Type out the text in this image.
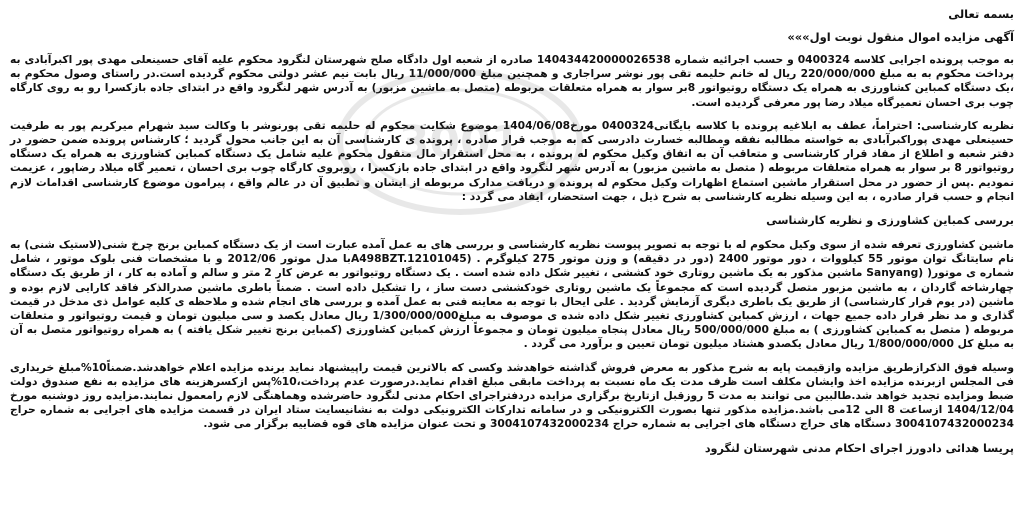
3001

بسمه تعالی

آگهی مزایده اموال منقول نوبت اول»»»

به موجب پرونده اجرایی کلاسه 0400324 و حسب اجرائیه شماره 140434420000026538 صادره از شعبه اول دادگاه صلح شهرستان لنگرود محکوم علیه آقای حسینعلی مهدی پور اکبرآبادی به پرداخت محکوم به به مبلغ 220/000/000 ریال له خانم حلیمه تقی پور نوشر سراجاری و همچنین مبلغ 11/000/000 ریال بابت نیم عشر دولتی محکوم گردیده است.در راستای وصول محکوم به ،یک دستگاه کمباین کشاورزی به همراه یک دستگاه روتیواتور 8بر سوار به همراه متعلقات مربوطه (متصل به ماشین مزبور) به آدرس شهر لنگرود واقع در ابتدای جاده بازکسرا رو به روی کارگاه چوب بری احسان تعمیرگاه میلاد رضا پور معرفی گردیده است.

نظریه کارشناسی: احتراماً، عطف به ابلاغیه پرونده با کلاسه بایگانی0400324 مورخ1404/06/08 موضوع شکایت محکوم له حلیمه تقی پورنوشر با وکالت سید شهرام میرکریم پور به طرفیت حسینعلی مهدی پوراکبرآبادی به خواسته مطالبه نفقه ومطالبه خسارت دادرسی که به موجب قرار صادره ، پرونده ی کارشناسی آن به این جانب محول گردید ؛ کارشناس پرونده ضمن حضور در دفتر شعبه و اطلاع از مفاد قرار کارشناسی و متعاقب آن به اتفاق وکیل محکوم له پرونده ، به محل استقرار مال منقول محکوم علیه شامل یک دستگاه کمباین کشاورزی به همراه یک دستگاه روتیواتور 8 بر سوار به همراه متعلقات مربوطه ( متصل به ماشین مزبور) به آدرس شهر لنگرود واقع در ابتدای جاده بازکسرا ، روبروی کارگاه چوب بری احسان ، تعمیر گاه میلاد رضاپور ، عزیمت نمودیم .پس از حضور در محل استقرار ماشین استماع اظهارات وکیل محکوم له پرونده و دریافت مدارک مربوطه از ایشان و تطبیق آن در عالم واقع ، پیرامون موضوع کارشناسی اقدامات لازم انجام و حسب قرار صادره ، به این وسیله نظریه کارشناسی به شرح ذیل ، جهت استحضار، ایفاد می گردد :

بررسی کمباین کشاورزی و نظریه کارشناسی

ماشین کشاورزی تعرفه شده از سوی وکیل محکوم له با توجه به تصویر پیوست نظریه کارشناسی و بررسی های به عمل آمده عبارت است از یک دستگاه کمباین برنج چرخ شنی(لاستیک شنی) به نام سایتانگ توان موتور 55 کیلووات ، دور موتور 2400 (دور در دقیقه) و وزن موتور 275 کیلوگرم . (A498BZT.12101045با مدل موتور 2012/06 و با مشخصات فنی بلوک موتور ، شامل شماره ی موتور( (Sanyang ماشین مذکور به یک ماشین روتاری خود کششی ، تغییر شکل داده شده است . یک دستگاه روتیواتور به عرض کار 2 متر و سالم و آماده به کار ، از طریق یک دستگاه چهارشاخه گاردان ، به ماشین مزبور متصل گردیده است که مجموعاً یک ماشین روتاری خودکششی دست ساز ، را تشکیل داده است . ضمناً باطری ماشین صدرالذکر فاقد کارایی لازم بوده و ماشین (در یوم قرار کارشناسی) از طریق یک باطری دیگری آزمایش گردید . علی ایحال با توجه به معاینه فنی به عمل آمده و بررسی های انجام شده و ملاحظه ی کلیه عوامل ذی مدخل در قیمت گذاری و مد نظر قرار داده جمیع جهات ، ارزش کمباین کشاورزی تغییر شکل داده شده ی موصوف به مبلغ1/300/000/000 ریال معادل یکصد و سی میلیون تومان و قیمت روتیواتور و متعلقات مربوطه ( متصل به کمباین کشاورزی ) به مبلغ 500/000/000 ریال معادل پنجاه میلیون تومان و مجموعاً ارزش کمباین کشاورزی (کمباین برنج تغییر شکل یافته ) به همراه روتیواتور متصل به آن به مبلغ کل 1/800/000/000 ریال معادل یکصدو هشتاد میلیون تومان تعیین و برآورد می گردد .

وسیله فوق الذکرازطریق مزایده وازقیمت پایه به شرح مذکور به معرض فروش گذاشته خواهدشد وکسی که بالاترین قیمت راپیشنهاد نماید برنده مزایده اعلام خواهدشد.ضمناً10%مبلغ خریداری فی المجلس ازبرنده مزایده اخذ وایشان مکلف است ظرف مدت یک ماه نسبت به پرداخت مابقی مبلغ اقدام نماید.درصورت عدم پرداخت،10%پس ازکسرهزینه های مزایده به نفع صندوق دولت ضبط ومزایده تجدید خواهد شد.طالبین می توانند به مدت 5 روزقبل ازتاریخ برگزاری مزایده دردفتراجرای احکام مدنی لنگرود حاضرشده وهماهنگی لازم رامعمول نمایند.مزایده روز دوشنبه مورخ 1404/12/04 ازساعت 8 الی 12می باشد.مزایده مذکور تنها بصورت الکترونیکی و در سامانه تدارکات الکترونیکی دولت به نشانیسایت ستاد ایران در قسمت مزایده های اجرایی به شماره حراج 3004107432000234 دستگاه های حراج دستگاه های اجرایی به شماره حراج 3004107432000234 و تحت عنوان مزایده های قوه قضاییه برگزار می شود.

پریسا هدائی دادورز اجرای احکام مدنی شهرستان لنگرود
